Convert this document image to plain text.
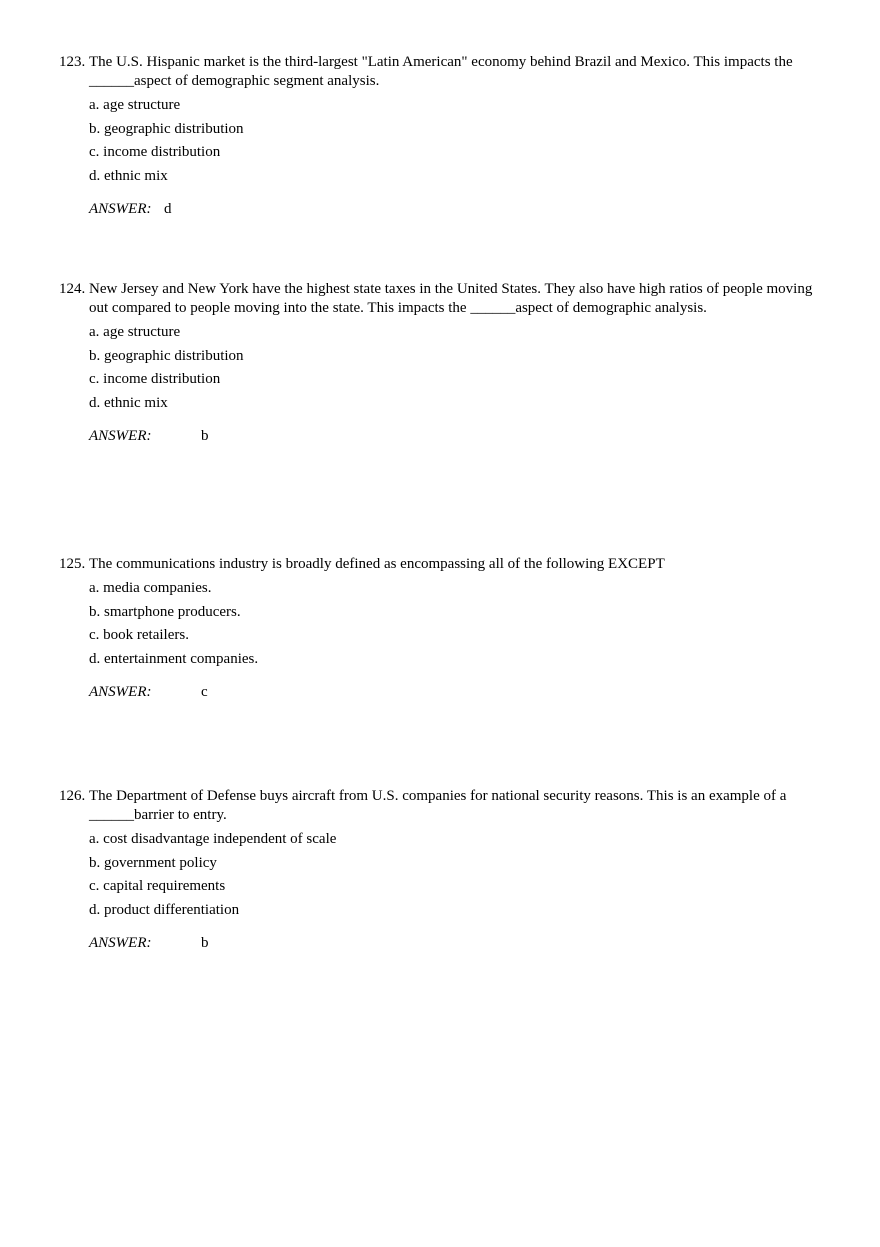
123. The U.S. Hispanic market is the third-largest "Latin American" economy behind Brazil and Mexico. This impacts the ______aspect of demographic segment analysis.

a. age structure
b. geographic distribution
c. income distribution
d. ethnic mix
ANSWER: d

124. New Jersey and New York have the highest state taxes in the United States. They also have high ratios of people moving out compared to people moving into the state. This impacts the ______aspect of demographic analysis.

a. age structure
b. geographic distribution
c. income distribution
d. ethnic mix
ANSWER:	b

125. The communications industry is broadly defined as encompassing all of the following EXCEPT

a. media companies.
b. smartphone producers.
c. book retailers.
d. entertainment companies.
ANSWER:	c

126. The Department of Defense buys aircraft from U.S. companies for national security reasons. This is an example of a ______barrier to entry.

a. cost disadvantage independent of scale
b. government policy
c. capital requirements
d. product differentiation
ANSWER:	b
